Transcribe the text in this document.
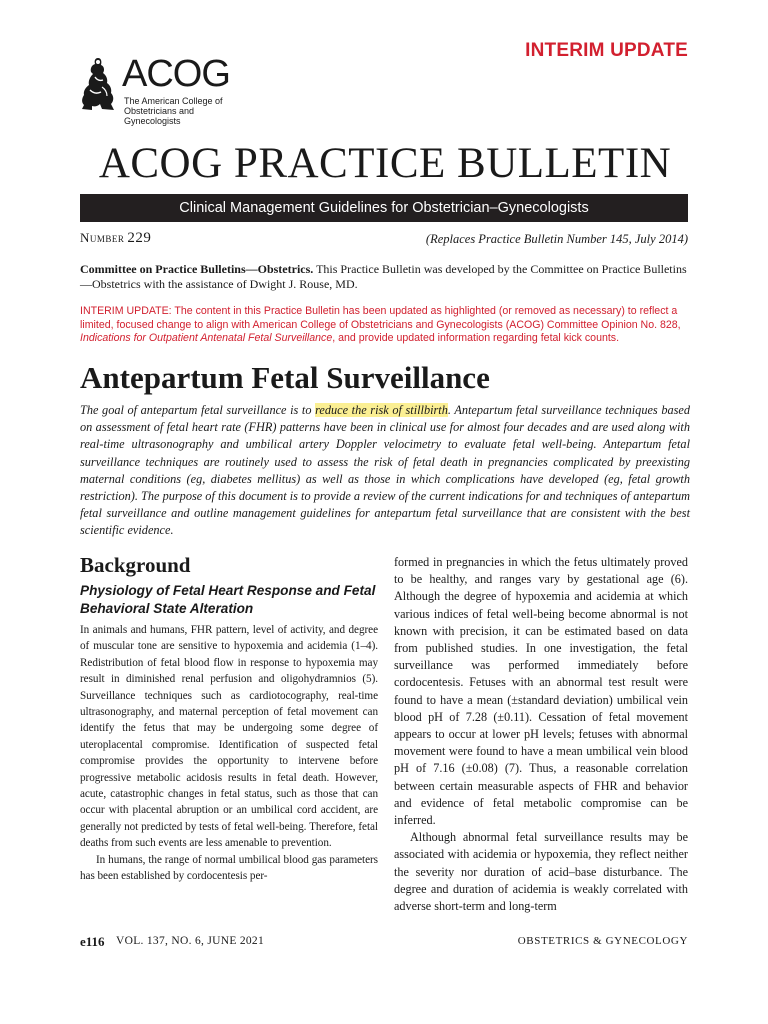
INTERIM UPDATE
ACOG
The American College of
Obstetricians and Gynecologists
ACOG PRACTICE BULLETIN
Clinical Management Guidelines for Obstetrician–Gynecologists
Number 229	(Replaces Practice Bulletin Number 145, July 2014)
Committee on Practice Bulletins—Obstetrics. This Practice Bulletin was developed by the Committee on Practice Bulletins—Obstetrics with the assistance of Dwight J. Rouse, MD.
INTERIM UPDATE: The content in this Practice Bulletin has been updated as highlighted (or removed as necessary) to reflect a limited, focused change to align with American College of Obstetricians and Gynecologists (ACOG) Committee Opinion No. 828, Indications for Outpatient Antenatal Fetal Surveillance, and provide updated information regarding fetal kick counts.
Antepartum Fetal Surveillance
The goal of antepartum fetal surveillance is to reduce the risk of stillbirth. Antepartum fetal surveillance techniques based on assessment of fetal heart rate (FHR) patterns have been in clinical use for almost four decades and are used along with real-time ultrasonography and umbilical artery Doppler velocimetry to evaluate fetal well-being. Antepartum fetal surveillance techniques are routinely used to assess the risk of fetal death in pregnancies complicated by preexisting maternal conditions (eg, diabetes mellitus) as well as those in which complications have developed (eg, fetal growth restriction). The purpose of this document is to provide a review of the current indications for and techniques of antepartum fetal surveillance and outline management guidelines for antepartum fetal surveillance that are consistent with the best scientific evidence.
Background
Physiology of Fetal Heart Response and Fetal Behavioral State Alteration

In animals and humans, FHR pattern, level of activity, and degree of muscular tone are sensitive to hypoxemia and acidemia (1–4). Redistribution of fetal blood flow in response to hypoxemia may result in diminished renal perfusion and oligohydramnios (5). Surveillance techniques such as cardiotocography, real-time ultrasonography, and maternal perception of fetal movement can identify the fetus that may be undergoing some degree of uteroplacental compromise. Identification of suspected fetal compromise provides the opportunity to intervene before progressive metabolic acidosis results in fetal death. However, acute, catastrophic changes in fetal status, such as those that can occur with placental abruption or an umbilical cord accident, are generally not predicted by tests of fetal well-being. Therefore, fetal deaths from such events are less amenable to prevention.

In humans, the range of normal umbilical blood gas parameters has been established by cordocentesis per-

formed in pregnancies in which the fetus ultimately proved to be healthy, and ranges vary by gestational age (6). Although the degree of hypoxemia and acidemia at which various indices of fetal well-being become abnormal is not known with precision, it can be estimated based on data from published studies. In one investigation, the fetal surveillance was performed immediately before cordocentesis. Fetuses with an abnormal test result were found to have a mean (±standard deviation) umbilical vein blood pH of 7.28 (±0.11). Cessation of fetal movement appears to occur at lower pH levels; fetuses with abnormal movement were found to have a mean umbilical vein blood pH of 7.16 (±0.08) (7). Thus, a reasonable correlation between certain measurable aspects of FHR and behavior and evidence of fetal metabolic compromise can be inferred.

Although abnormal fetal surveillance results may be associated with acidemia or hypoxemia, they reflect neither the severity nor duration of acid–base disturbance. The degree and duration of acidemia is weakly correlated with adverse short-term and long-term

e116 VOL. 137, NO. 6, JUNE 2021	OBSTETRICS & GYNECOLOGY
